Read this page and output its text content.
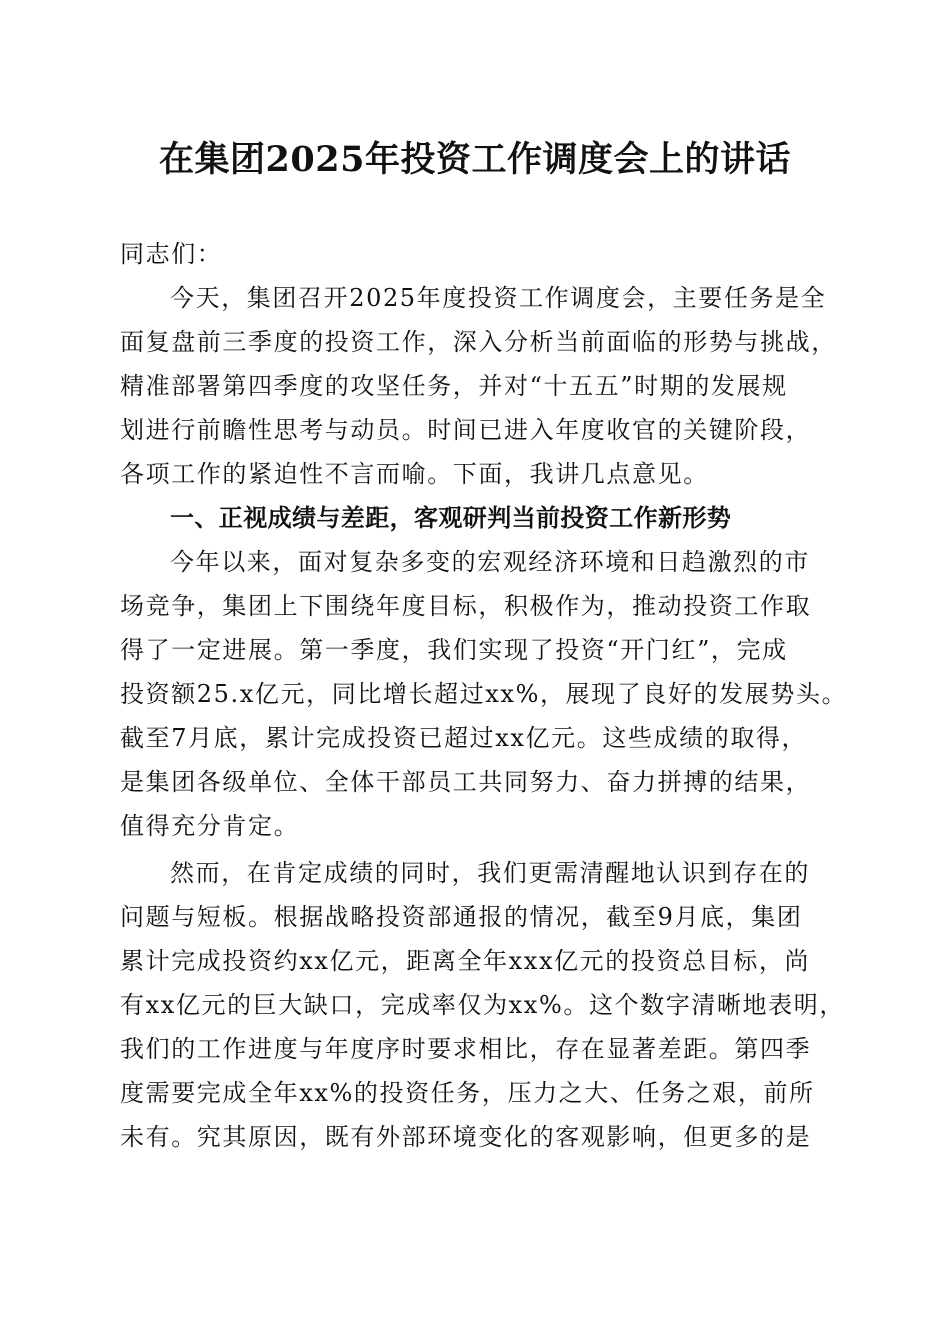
在集团2025年投资工作调度会上的讲话
同志们：
今天，集团召开2025年度投资工作调度会，主要任务是全
面复盘前三季度的投资工作，深入分析当前面临的形势与挑战，
精准部署第四季度的攻坚任务，并对“十五五”时期的发展规
划进行前瞻性思考与动员。时间已进入年度收官的关键阶段，
各项工作的紧迫性不言而喻。下面，我讲几点意见。
一、正视成绩与差距，客观研判当前投资工作新形势
今年以来，面对复杂多变的宏观经济环境和日趋激烈的市
场竞争，集团上下围绕年度目标，积极作为，推动投资工作取
得了一定进展。第一季度，我们实现了投资“开门红”，完成
投资额25.x亿元，同比增长超过xx%，展现了良好的发展势头。
截至7月底，累计完成投资已超过xx亿元。这些成绩的取得，
是集团各级单位、全体干部员工共同努力、奋力拼搏的结果，
值得充分肯定。
然而，在肯定成绩的同时，我们更需清醒地认识到存在的
问题与短板。根据战略投资部通报的情况，截至9月底，集团
累计完成投资约xx亿元，距离全年xxx亿元的投资总目标，尚
有xx亿元的巨大缺口，完成率仅为xx%。这个数字清晰地表明，
我们的工作进度与年度序时要求相比，存在显著差距。第四季
度需要完成全年xx%的投资任务，压力之大、任务之艰，前所
未有。究其原因，既有外部环境变化的客观影响，但更多的是
